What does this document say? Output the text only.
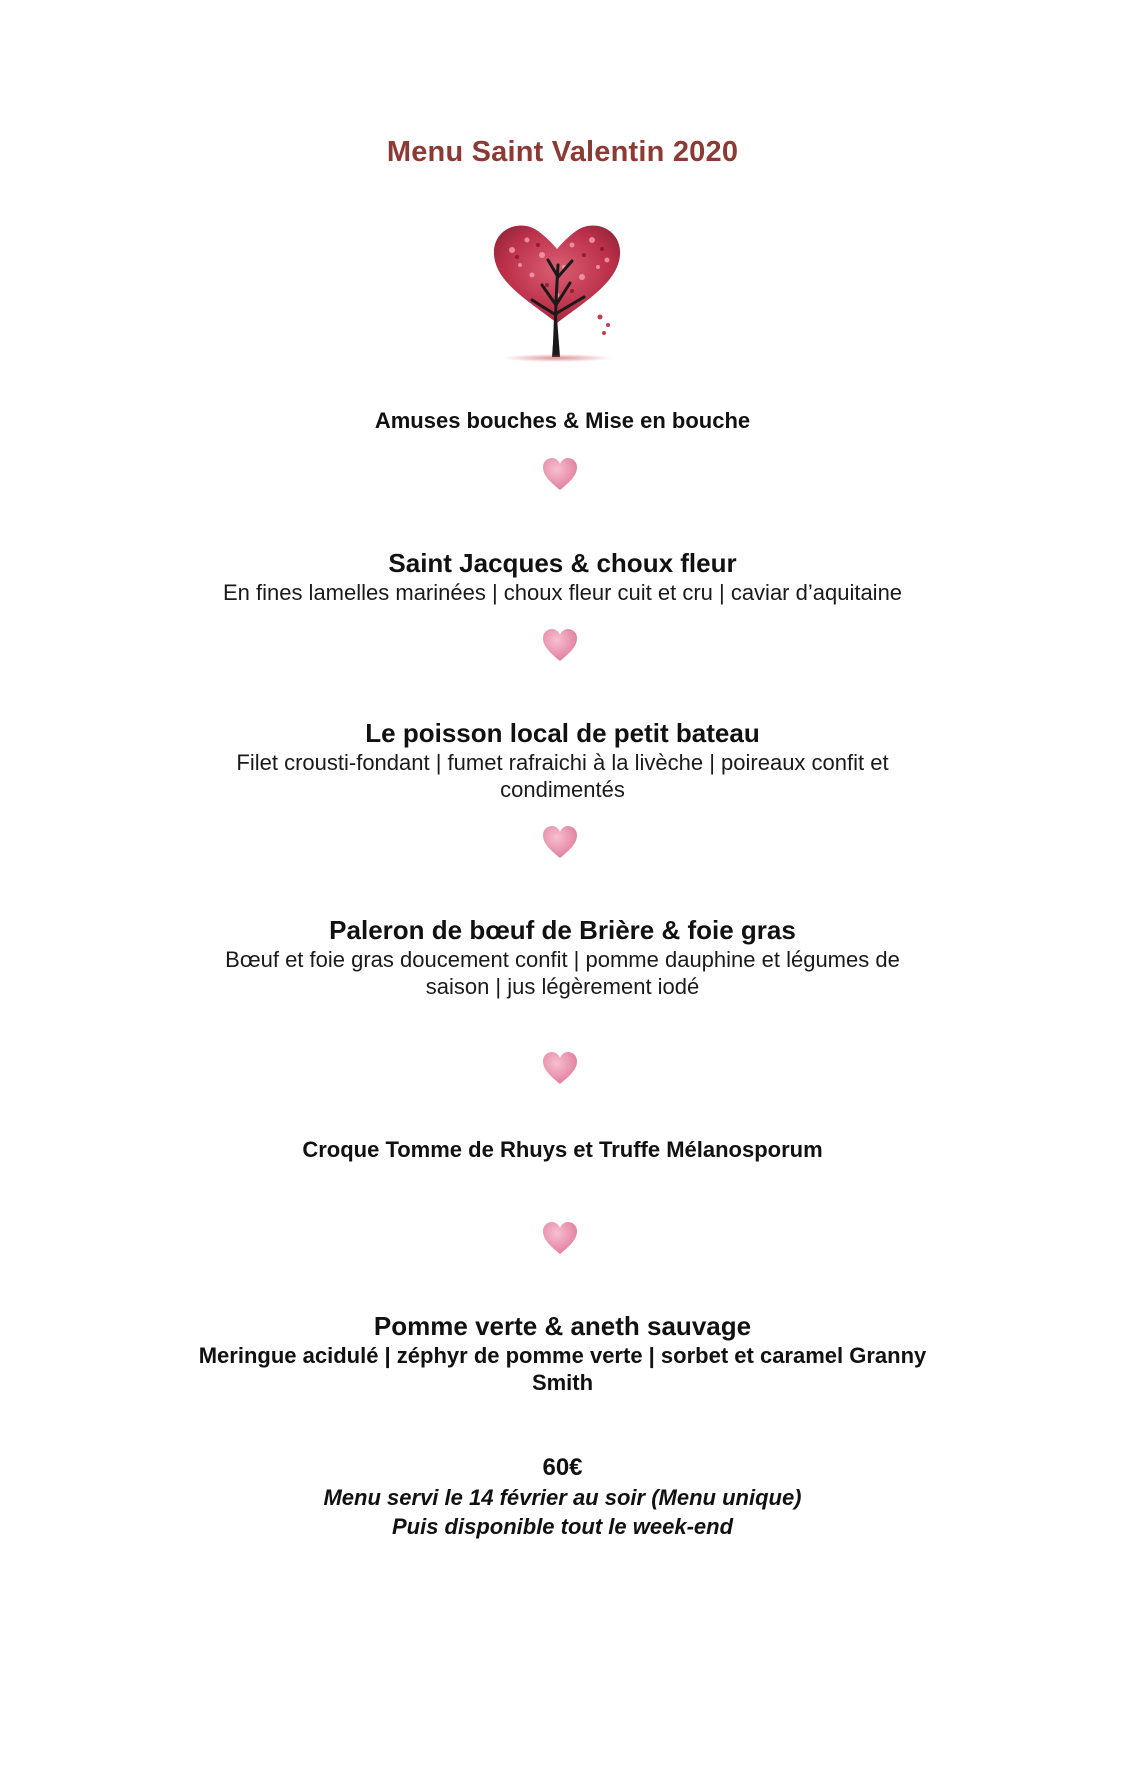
Menu Saint Valentin 2020
Amuses bouches & Mise en bouche
Saint Jacques & choux fleur
En fines lamelles marinées | choux fleur cuit et cru | caviar d’aquitaine
Le poisson local de petit bateau
Filet crousti-fondant | fumet rafraichi à la livèche | poireaux confit et
condimentés
Paleron de bœuf de Brière & foie gras
Bœuf et foie gras doucement confit | pomme dauphine et légumes de
saison | jus légèrement iodé
Croque Tomme de Rhuys et Truffe Mélanosporum
Pomme verte & aneth sauvage
Meringue acidulé | zéphyr de pomme verte | sorbet et caramel Granny
Smith
60€
Menu servi le 14 février au soir (Menu unique)
Puis disponible tout le week-end
